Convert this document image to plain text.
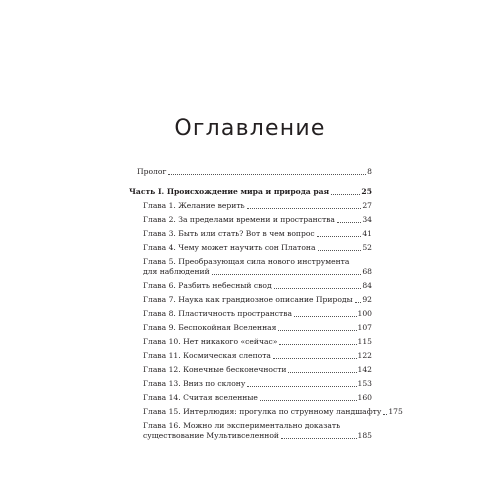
Оглавление
Пролог	8
Часть I. Происхождение мира и природа рая	25
Глава 1. Желание верить	27
Глава 2. За пределами времени и пространства	34
Глава 3. Быть или стать? Вот в чем вопрос	41
Глава 4. Чему может научить сон Платона	52
Глава 5. Преобразующая сила нового инструмента
для наблюдений	68
Глава 6. Разбить небесный свод	84
Глава 7. Наука как грандиозное описание Природы 92
Глава 8. Пластичность пространства	100
Глава 9. Беспокойная Вселенная	107
Глава 10. Нет никакого «сейчас»	115
Глава 11. Космическая слепота	122
Глава 12. Конечные бесконечности	142
Глава 13. Вниз по склону	153
Глава 14. Считая вселенные	160
Глава 15. Интерлюдия: прогулка по струнному ландшафту 175
Глава 16. Можно ли экспериментально доказать
существование Мультивселенной	185
